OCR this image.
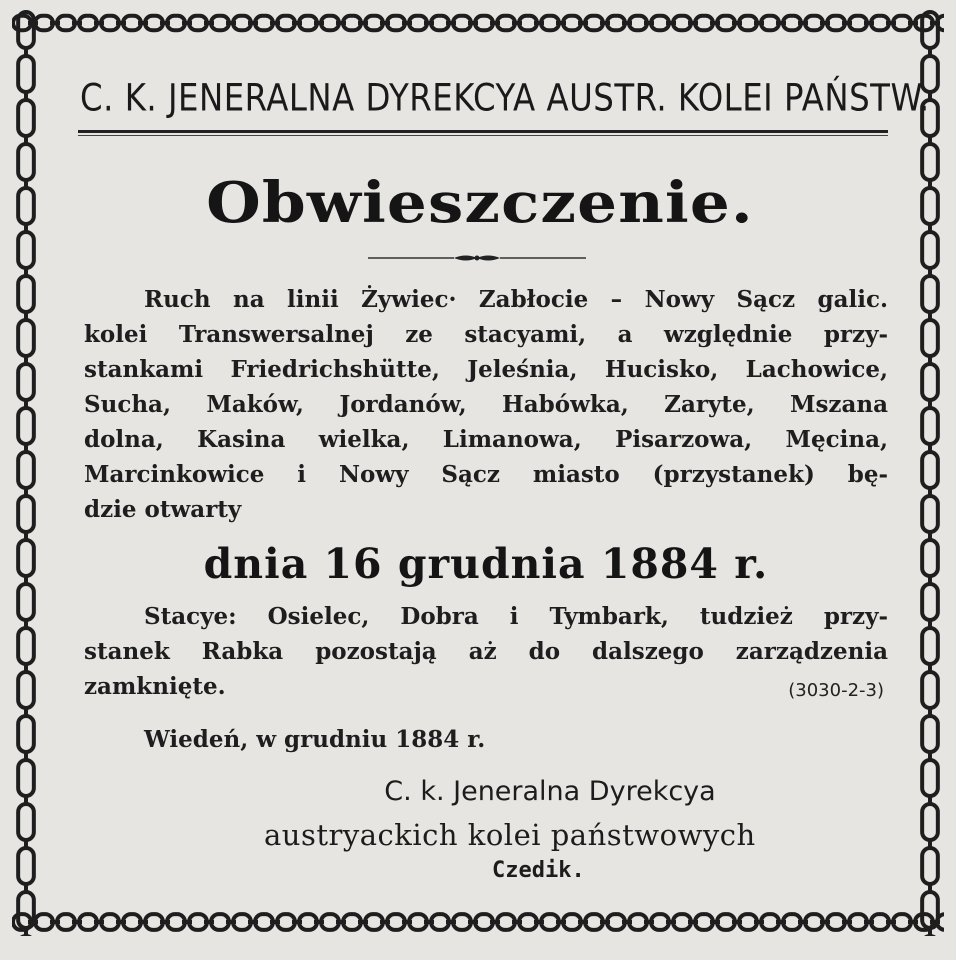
C. K. JENERALNA DYREKCYA AUSTR. KOLEI PAŃSTW.
Obwieszczenie.
Ruch na linii Żywiec· Zabłocie – Nowy Sącz galic.
kolei Transwersalnej ze stacyami, a względnie przy-
stankami Friedrichshütte, Jeleśnia, Hucisko, Lachowice,
Sucha, Maków, Jordanów, Habówka, Zaryte, Mszana
dolna, Kasina wielka, Limanowa, Pisarzowa, Męcina,
Marcinkowice i Nowy Sącz miasto (przystanek) bę-
dzie otwarty
dnia 16 grudnia 1884 r.
Stacye: Osielec, Dobra i Tymbark, tudzież przy-
stanek Rabka pozostają aż do dalszego zarządzenia
zamknięte.	(3030-2-3)
Wiedeń, w grudniu 1884 r.
C. k. Jeneralna Dyrekcya
austryackich kolei państwowych
Czedik.
